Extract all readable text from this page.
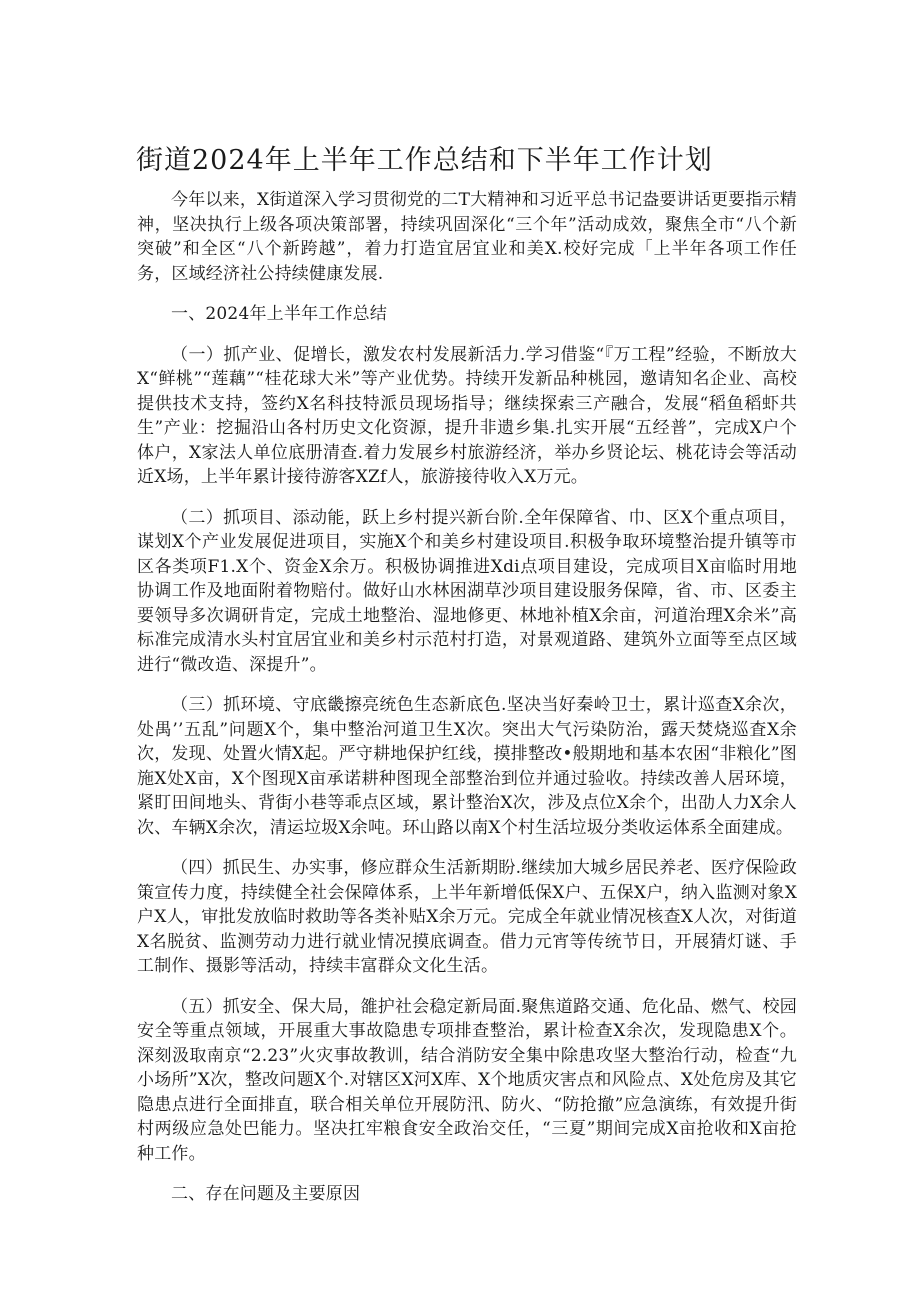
街道2024年上半年工作总结和下半年工作计划

今年以来，X街道深入学习贯彻党的二T大精神和习近平总书记盎要讲话更要指示精神，坚决执行上级各项决策部署，持续巩固深化“三个年”活动成效，聚焦全市“八个新突破”和全区“八个新跨越”，着力打造宜居宜业和美X.校好完成「上半年各项工作任务，区域经济社公持续健康发展.

一、2024年上半年工作总结

（一）抓产业、促增长，激发农村发展新活力.学习借鉴“『万工程”经验，不断放大X“鲜桃”“莲藕”“桂花球大米”等产业优势。持续开发新品种桃园，邀请知名企业、高校提供技术支持，签约X名科技特派员现场指导；继续探索三产融合，发展“稻鱼稻虾共生”产业：挖掘沿山各村历史文化资源，提升非遗乡集.扎实开展“五经普”，完成X户个体户，X家法人单位底册清查.着力发展乡村旅游经济，举办乡贤论坛、桃花诗会等活动近X场，上半年累计接待游客XZf人，旅游接待收入X万元。

（二）抓项目、添动能，跃上乡村提兴新台阶.全年保障省、巾、区X个重点项目，谋划X个产业发展促进项目，实施X个和美乡村建设项目.积极争取环境整治提升镇等市区各类项F1.X个、资金X余万。积极协调推进Xdi点项目建设，完成项目X亩临时用地协调工作及地面附着物赔付。做好山水林困湖草沙项目建设服务保障，省、市、区委主要领导多次调研肯定，完成土地整治、湿地修更、林地补植X余亩，河道治理X余米”高标准完成清水头村宜居宜业和美乡村示范村打造，对景观道路、建筑外立面等至点区域进行“微改造、深提升”。

（三）抓环境、守底畿擦亮统色生态新底色.坚决当好秦岭卫士，累计巡查X余次，处禺’’五乱”问题X个，集中整治河道卫生X次。突出大气污染防治，露天焚烧巡査X余次，发现、处置火情X起。严守耕地保护红线，摸排整改•般期地和基本农困“非粮化”图施X处X亩，X个图现X亩承诺耕种图现全部整治到位并通过验收。持续改善人居环境，紧盯田间地头、背街小巷等乖点区域，累计整治X次，涉及点位X余个，出劭人力X余人次、车辆X余次，清运垃圾X余吨。环山路以南X个村生活垃圾分类收运体系全面建成。

（四）抓民生、办实事，修应群众生活新期盼.继续加大城乡居民养老、医疗保险政策宣传力度，持续健全社会保障体系，上半年新增低保X户、五保X户，纳入监测对象X户X人，审批发放临时救助等各类补贴X余万元。完成全年就业情况核查X人次，对街道X名脱贫、监测劳动力进行就业情况摸底调查。借力元宵等传统节日，开展猜灯谜、手工制作、摄影等活动，持续丰富群众文化生活。

（五）抓安全、保大局，雒护社会稳定新局面.聚焦道路交通、危化品、燃气、校园安全等重点领域，开展重大事故隐患专项排查整治，累计检查X余次，发现隐患X个。深刻汲取南京“2.23”火灾事故教训，结合消防安全集中除患攻坚大整治行动，检查“九小场所”X次，整改问题X个.对辖区X河X库、X个地质灾害点和风险点、X处危房及其它隐患点进行全面排直，联合相关单位开展防汛、防火、“防抢撤”应急演练，有效提升街村两级应急处巴能力。坚决扛牢粮食安全政治交任，“三夏”期间完成X亩抢收和X亩抢种工作。

二、存在问题及主要原因
